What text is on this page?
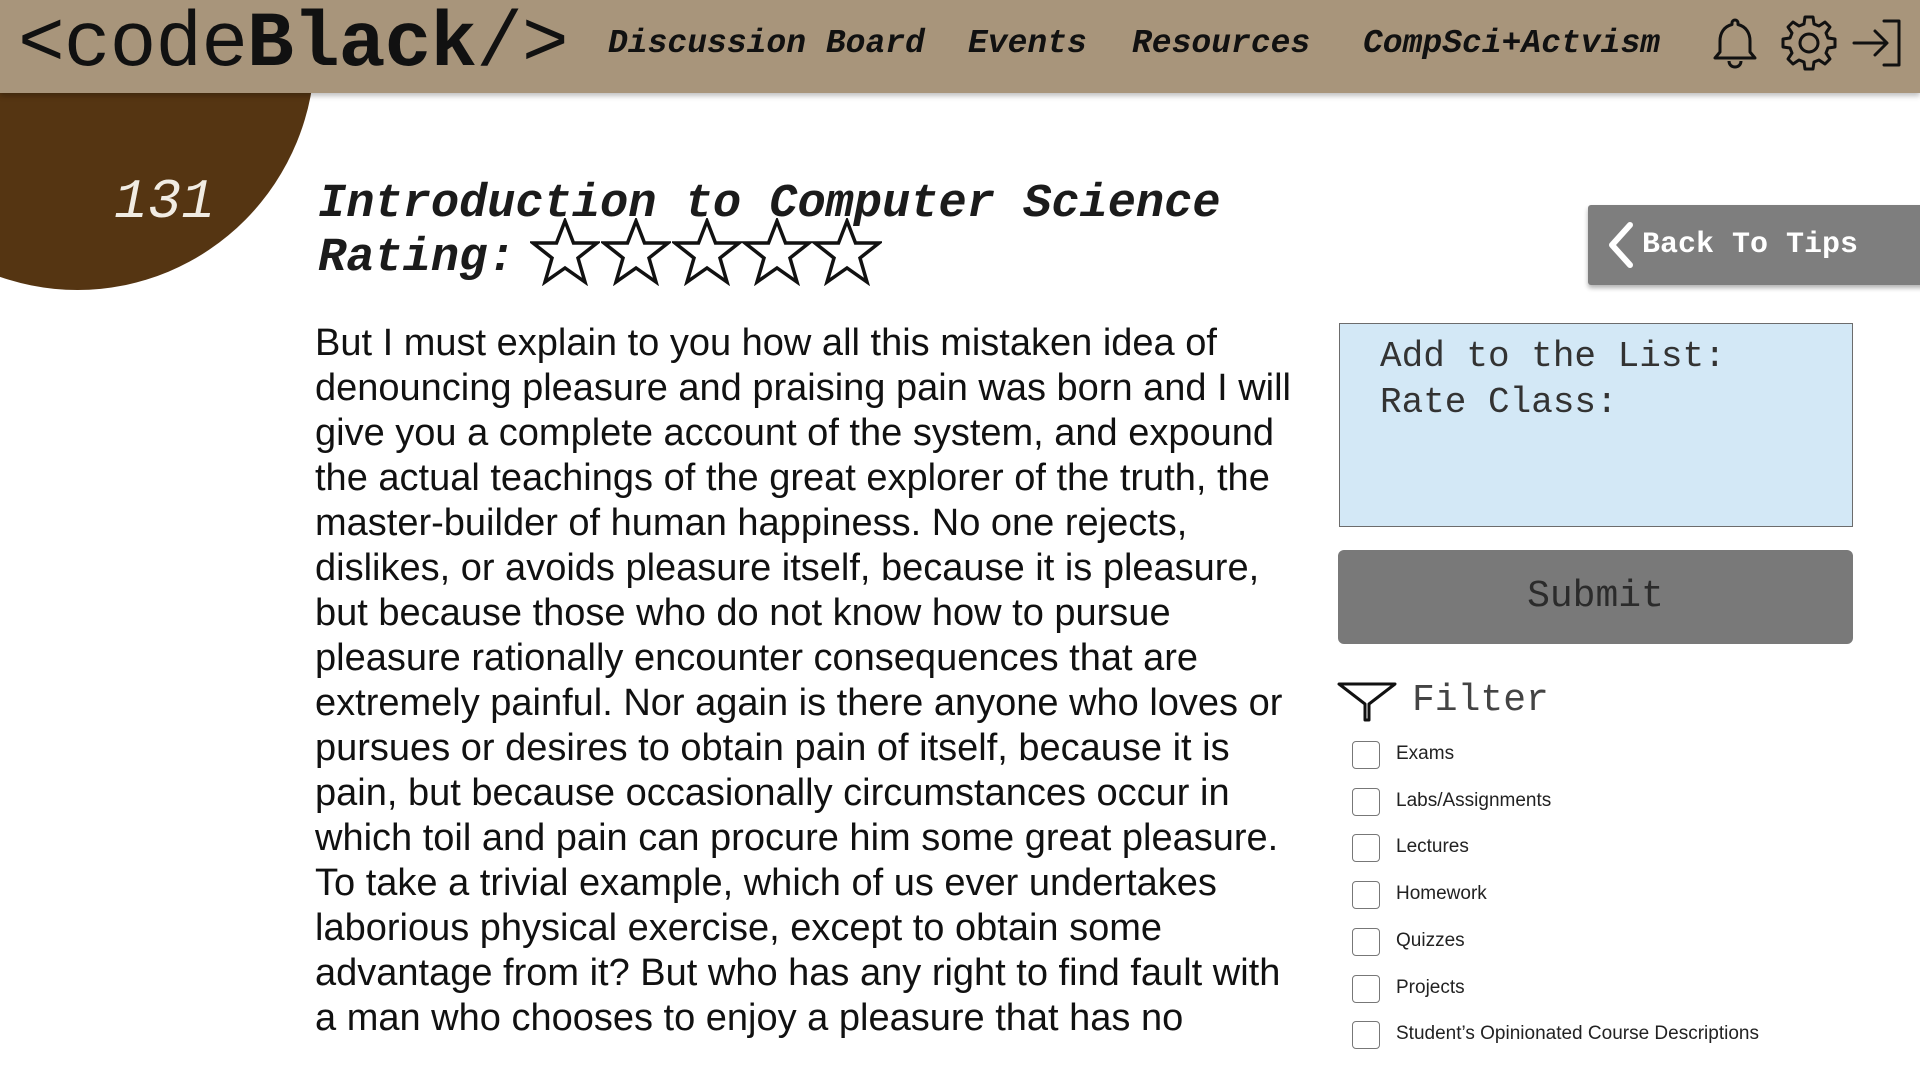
<codeBlack/> Discussion Board Events Resources CompSci+Actvism
131 Introduction to Computer Science
Rating:
But I must explain to you how all this mistaken idea of denouncing pleasure and praising pain was born and I will give you a complete account of the system, and expound the actual teachings of the great explorer of the truth, the master-builder of human happiness. No one rejects, dislikes, or avoids pleasure itself, because it is pleasure, but because those who do not know how to pursue pleasure rationally encounter consequences that are extremely painful. Nor again is there anyone who loves or pursues or desires to obtain pain of itself, because it is pain, but because occasionally circumstances occur in which toil and pain can procure him some great pleasure. To take a trivial example, which of us ever undertakes laborious physical exercise, except to obtain some advantage from it? But who has any right to find fault with a man who chooses to enjoy a pleasure that has no
Back To Tips
Add to the List:
Rate Class:
Submit
Filter
Exams
Labs/Assignments
Lectures
Homework
Quizzes
Projects
Student’s Opinionated Course Descriptions
